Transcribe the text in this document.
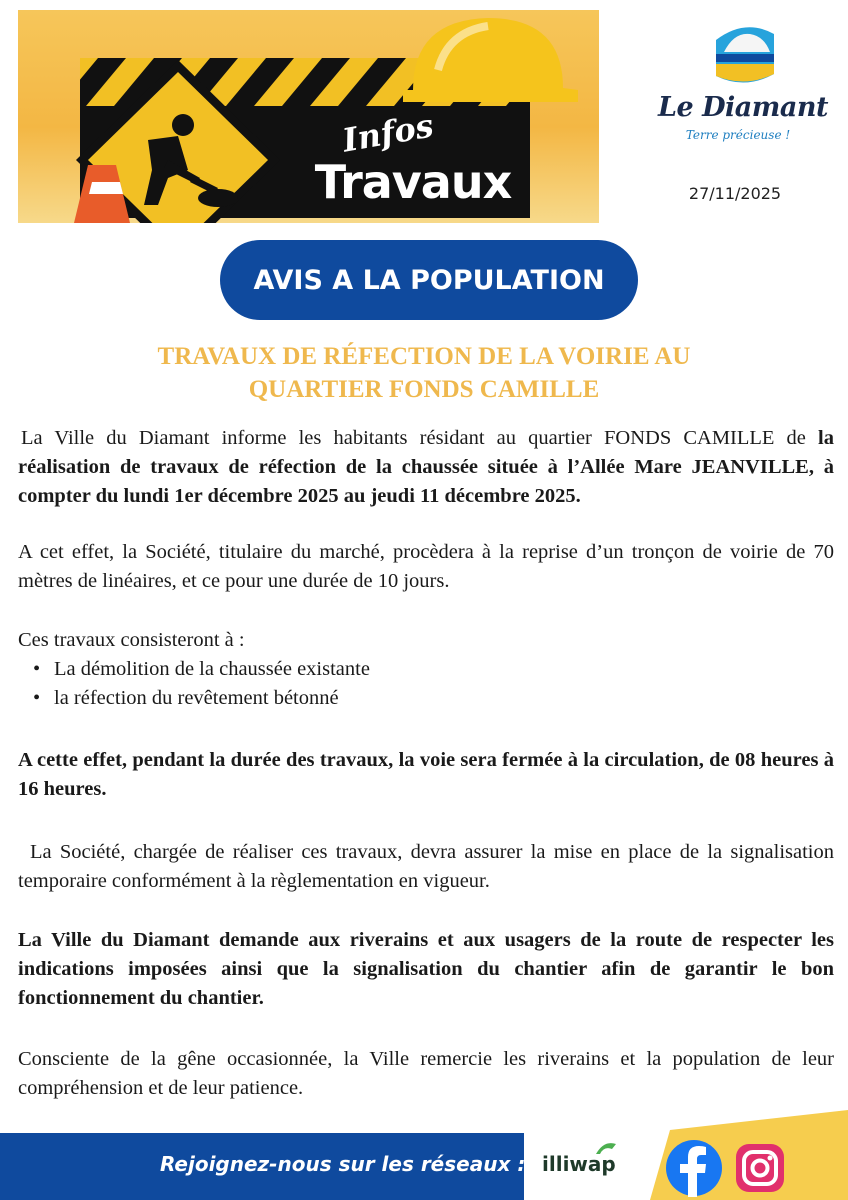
Infos
Travaux
Le Diamant
Terre précieuse !
27/11/2025
AVIS A LA POPULATION
TRAVAUX DE RÉFECTION DE LA VOIRIE AU
QUARTIER FONDS CAMILLE

La Ville du Diamant informe les habitants résidant au quartier FONDS CAMILLE de la réalisation de travaux de réfection de la chaussée située à l’Allée Mare JEANVILLE, à compter du lundi 1er décembre 2025 au jeudi 11 décembre 2025.

A cet effet, la Société, titulaire du marché, procèdera à la reprise d’un tronçon de voirie de 70 mètres de linéaires, et ce pour une durée de 10 jours.

Ces travaux consisteront à :

• La démolition de la chaussée existante
• la réfection du revêtement bétonné

A cette effet, pendant la durée des travaux, la voie sera fermée à la circulation, de 08 heures à 16 heures.

La Société, chargée de réaliser ces travaux, devra assurer la mise en place de la signalisation temporaire conformément à la règlementation en vigueur.

La Ville du Diamant demande aux riverains et aux usagers de la route de respecter les indications imposées ainsi que la signalisation du chantier afin de garantir le bon fonctionnement du chantier.

Consciente de la gêne occasionnée, la Ville remercie les riverains et la population de leur compréhension et de leur patience.

Rejoignez-nous sur les réseaux : illiwap
